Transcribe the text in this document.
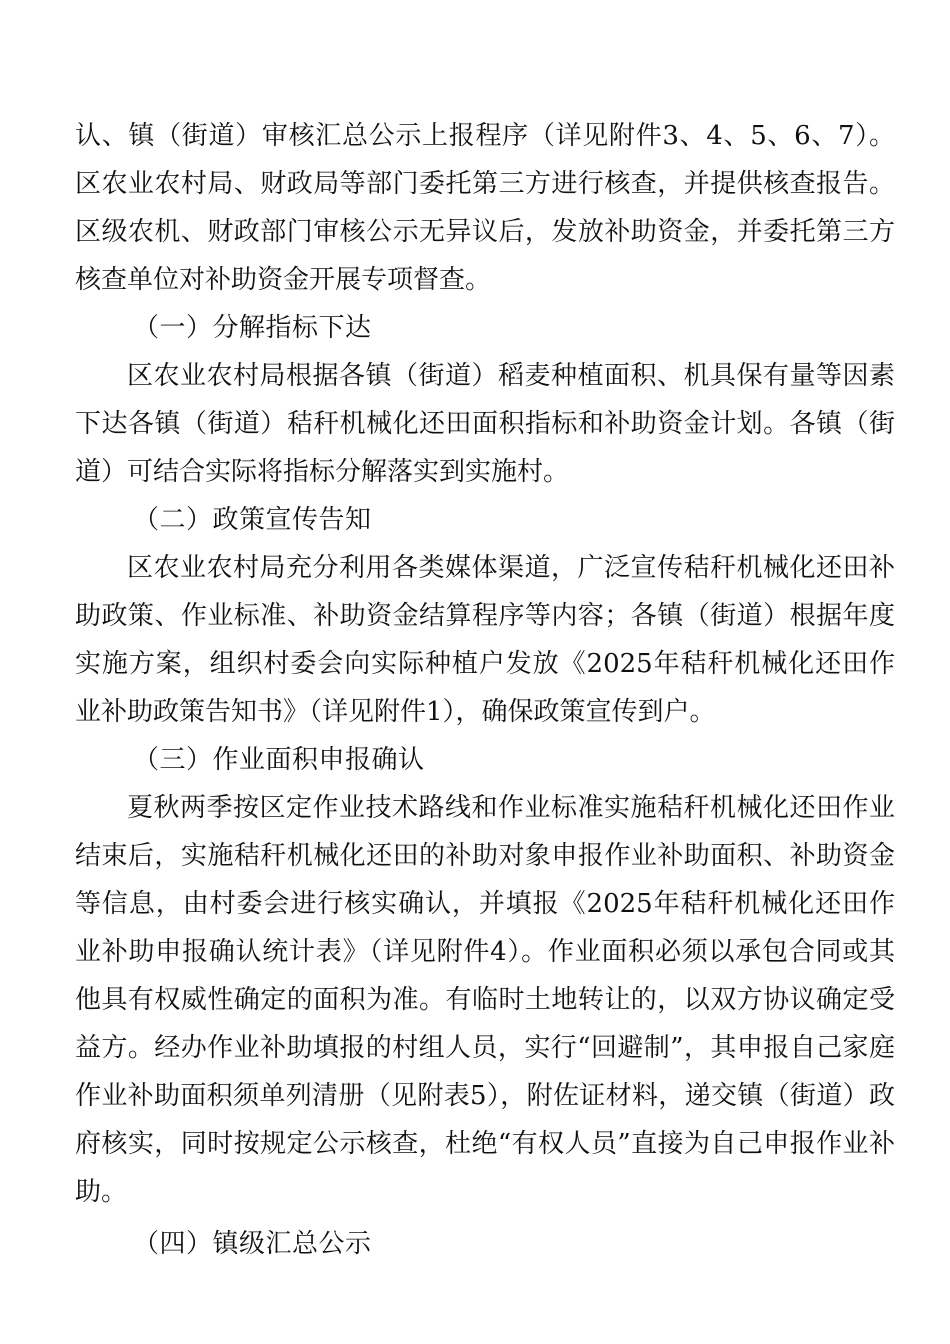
认、镇（街道）审核汇总公示上报程序（详见附件3、4、5、6、7）。区农业农村局、财政局等部门委托第三方进行核查，并提供核查报告。区级农机、财政部门审核公示无异议后，发放补助资金，并委托第三方核查单位对补助资金开展专项督查。

（一）分解指标下达

区农业农村局根据各镇（街道）稻麦种植面积、机具保有量等因素下达各镇（街道）秸秆机械化还田面积指标和补助资金计划。各镇（街道）可结合实际将指标分解落实到实施村。

（二）政策宣传告知

区农业农村局充分利用各类媒体渠道，广泛宣传秸秆机械化还田补助政策、作业标准、补助资金结算程序等内容；各镇（街道）根据年度实施方案，组织村委会向实际种植户发放《2025年秸秆机械化还田作业补助政策告知书》（详见附件1），确保政策宣传到户。

（三）作业面积申报确认

夏秋两季按区定作业技术路线和作业标准实施秸秆机械化还田作业结束后，实施秸秆机械化还田的补助对象申报作业补助面积、补助资金等信息，由村委会进行核实确认，并填报《2025年秸秆机械化还田作业补助申报确认统计表》（详见附件4）。作业面积必须以承包合同或其他具有权威性确定的面积为准。有临时土地转让的，以双方协议确定受益方。经办作业补助填报的村组人员，实行“回避制”，其申报自己家庭作业补助面积须单列清册（见附表5），附佐证材料，递交镇（街道）政府核实，同时按规定公示核查，杜绝“有权人员”直接为自己申报作业补助。

（四）镇级汇总公示
